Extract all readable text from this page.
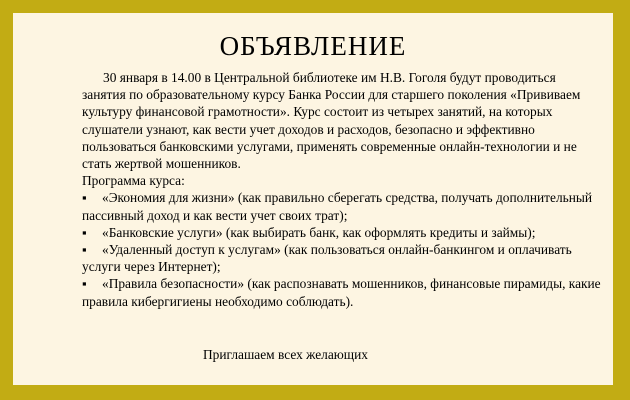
ОБЪЯВЛЕНИЕ

30 января в 14.00 в Центральной библиотеке им Н.В. Гоголя будут проводиться занятия по образовательному курсу Банка России для старшего поколения «Прививаем культуру финансовой грамотности». Курс состоит из четырех занятий, на которых слушатели узнают, как вести учет доходов и расходов, безопасно и эффективно пользоваться банковскими услугами, применять современные онлайн-технологии и не стать жертвой мошенников.

Программа курса:

▪ «Экономия для жизни» (как правильно сберегать средства, получать дополнительный пассивный доход и как вести учет своих трат);
▪ «Банковские услуги» (как выбирать банк, как оформлять кредиты и займы);
▪ «Удаленный доступ к услугам» (как пользоваться онлайн-банкингом и оплачивать услуги через Интернет);
▪ «Правила безопасности» (как распознавать мошенников, финансовые пирамиды, какие правила кибергигиены необходимо соблюдать).

Приглашаем всех желающих
